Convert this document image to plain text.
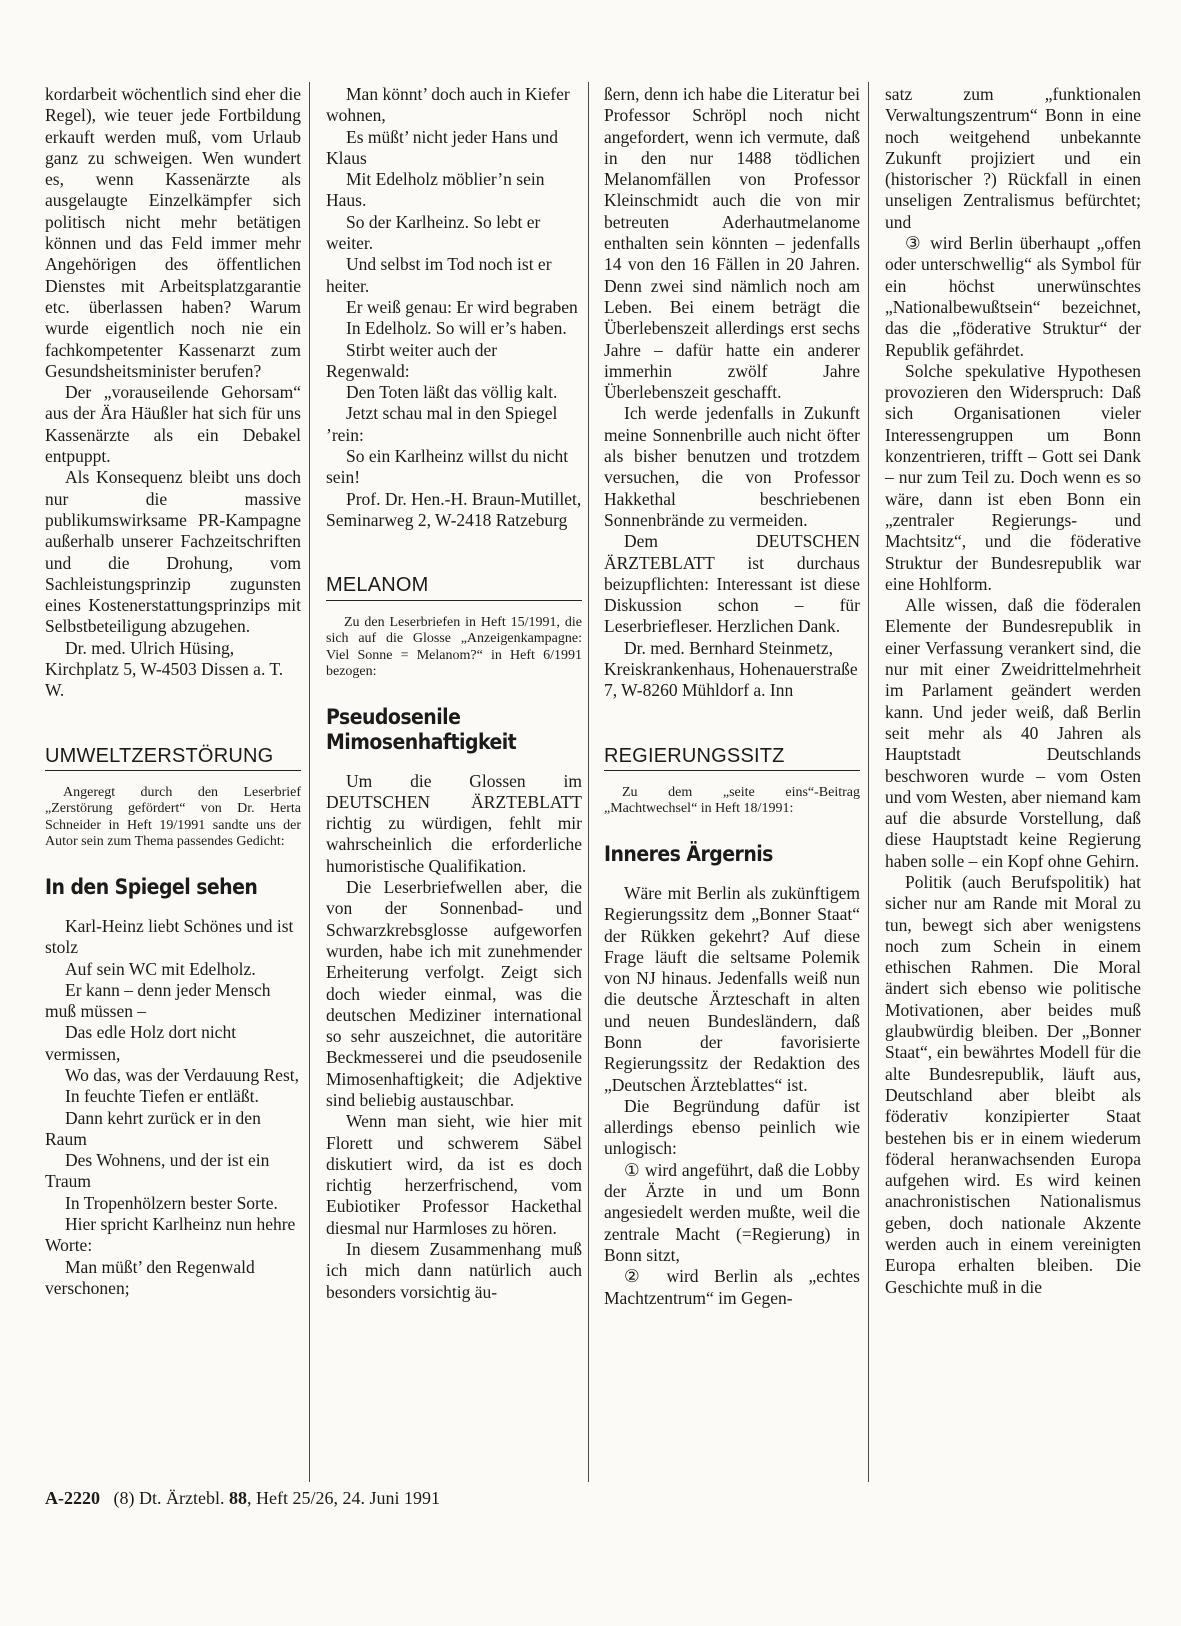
kordarbeit wöchentlich sind eher die Regel), wie teuer jede Fortbildung erkauft werden muß, vom Urlaub ganz zu schweigen. Wen wundert es, wenn Kassenärzte als ausgelaugte Einzelkämpfer sich politisch nicht mehr betätigen können und das Feld immer mehr Angehörigen des öffentlichen Dienstes mit Arbeitsplatzgarantie etc. überlassen haben? Warum wurde eigentlich noch nie ein fachkompetenter Kassenarzt zum Gesundsheitsminister berufen?

Der „vorauseilende Gehorsam“ aus der Ära Häußler hat sich für uns Kassenärzte als ein Debakel entpuppt.

Als Konsequenz bleibt uns doch nur die massive publikumswirksame PR-Kampagne außerhalb unserer Fachzeitschriften und die Drohung, vom Sachleistungsprinzip zugunsten eines Kostenerstattungsprinzips mit Selbstbeteiligung abzugehen.

Dr. med. Ulrich Hüsing, Kirchplatz 5, W-4503 Dissen a. T. W.

UMWELTZERSTÖRUNG
Angeregt durch den Leserbrief „Zerstörung gefördert“ von Dr. Herta Schneider in Heft 19/1991 sandte uns der Autor sein zum Thema passendes Gedicht:
In den Spiegel sehen

Karl-Heinz liebt Schönes und ist stolz

Auf sein WC mit Edelholz.

Er kann – denn jeder Mensch muß müssen –

Das edle Holz dort nicht vermissen,

Wo das, was der Verdauung Rest,

In feuchte Tiefen er entläßt.

Dann kehrt zurück er in den Raum

Des Wohnens, und der ist ein Traum

In Tropenhölzern bester Sorte.

Hier spricht Karlheinz nun hehre Worte:

Man müßt’ den Regenwald verschonen;

Man könnt’ doch auch in Kiefer wohnen,

Es müßt’ nicht jeder Hans und Klaus

Mit Edelholz möblier’n sein Haus.

So der Karlheinz. So lebt er weiter.

Und selbst im Tod noch ist er heiter.

Er weiß genau: Er wird begraben

In Edelholz. So will er’s haben.

Stirbt weiter auch der Regenwald:

Den Toten läßt das völlig kalt.

Jetzt schau mal in den Spiegel ’rein:

So ein Karlheinz willst du nicht sein!

Prof. Dr. Hen.-H. Braun-Mutillet, Seminarweg 2, W-2418 Ratzeburg

MELANOM
Zu den Leserbriefen in Heft 15/1991, die sich auf die Glosse „Anzeigenkampagne: Viel Sonne = Melanom?“ in Heft 6/1991 bezogen:
Pseudosenile
Mimosenhaftigkeit

Um die Glossen im DEUTSCHEN ÄRZTEBLATT richtig zu würdigen, fehlt mir wahrscheinlich die erforderliche humoristische Qualifikation.

Die Leserbriefwellen aber, die von der Sonnenbad- und Schwarzkrebsglosse aufgeworfen wurden, habe ich mit zunehmender Erheiterung verfolgt. Zeigt sich doch wieder einmal, was die deutschen Mediziner international so sehr auszeichnet, die autoritäre Beckmesserei und die pseudosenile Mimosenhaftigkeit; die Adjektive sind beliebig austauschbar.

Wenn man sieht, wie hier mit Florett und schwerem Säbel diskutiert wird, da ist es doch richtig herzerfrischend, vom Eubiotiker Professor Hackethal diesmal nur Harmloses zu hören.

In diesem Zusammenhang muß ich mich dann natürlich auch besonders vorsichtig äu-

ßern, denn ich habe die Literatur bei Professor Schröpl noch nicht angefordert, wenn ich vermute, daß in den nur 1488 tödlichen Melanomfällen von Professor Kleinschmidt auch die von mir betreuten Aderhautmelanome enthalten sein könnten – jedenfalls 14 von den 16 Fällen in 20 Jahren. Denn zwei sind nämlich noch am Leben. Bei einem beträgt die Überlebenszeit allerdings erst sechs Jahre – dafür hatte ein anderer immerhin zwölf Jahre Überlebenszeit geschafft.

Ich werde jedenfalls in Zukunft meine Sonnenbrille auch nicht öfter als bisher benutzen und trotzdem versuchen, die von Professor Hakkethal beschriebenen Sonnenbrände zu vermeiden.

Dem DEUTSCHEN ÄRZTEBLATT ist durchaus beizupflichten: Interessant ist diese Diskussion schon – für Leserbriefleser. Herzlichen Dank.

Dr. med. Bernhard Steinmetz, Kreiskrankenhaus, Hohenauerstraße 7, W-8260 Mühldorf a. Inn

REGIERUNGSSITZ
Zu dem „seite eins“-Beitrag „Machtwechsel“ in Heft 18/1991:
Inneres Ärgernis

Wäre mit Berlin als zukünftigem Regierungssitz dem „Bonner Staat“ der Rükken gekehrt? Auf diese Frage läuft die seltsame Polemik von NJ hinaus. Jedenfalls weiß nun die deutsche Ärzteschaft in alten und neuen Bundesländern, daß Bonn der favorisierte Regierungssitz der Redaktion des „Deutschen Ärzteblattes“ ist.

Die Begründung dafür ist allerdings ebenso peinlich wie unlogisch:

① wird angeführt, daß die Lobby der Ärzte in und um Bonn angesiedelt werden mußte, weil die zentrale Macht (=Regierung) in Bonn sitzt,

② wird Berlin als „echtes Machtzentrum“ im Gegen-

satz zum „funktionalen Verwaltungszentrum“ Bonn in eine noch weitgehend unbekannte Zukunft projiziert und ein (historischer ?) Rückfall in einen unseligen Zentralismus befürchtet; und

③ wird Berlin überhaupt „offen oder unterschwellig“ als Symbol für ein höchst unerwünschtes „Nationalbewußtsein“ bezeichnet, das die „föderative Struktur“ der Republik gefährdet.

Solche spekulative Hypothesen provozieren den Widerspruch: Daß sich Organisationen vieler Interessengruppen um Bonn konzentrieren, trifft – Gott sei Dank – nur zum Teil zu. Doch wenn es so wäre, dann ist eben Bonn ein „zentraler Regierungs- und Machtsitz“, und die föderative Struktur der Bundesrepublik war eine Hohlform.

Alle wissen, daß die föderalen Elemente der Bundesrepublik in einer Verfassung verankert sind, die nur mit einer Zweidrittelmehrheit im Parlament geändert werden kann. Und jeder weiß, daß Berlin seit mehr als 40 Jahren als Hauptstadt Deutschlands beschworen wurde – vom Osten und vom Westen, aber niemand kam auf die absurde Vorstellung, daß diese Hauptstadt keine Regierung haben solle – ein Kopf ohne Gehirn.

Politik (auch Berufspolitik) hat sicher nur am Rande mit Moral zu tun, bewegt sich aber wenigstens noch zum Schein in einem ethischen Rahmen. Die Moral ändert sich ebenso wie politische Motivationen, aber beides muß glaubwürdig bleiben. Der „Bonner Staat“, ein bewährtes Modell für die alte Bundesrepublik, läuft aus, Deutschland aber bleibt als föderativ konzipierter Staat bestehen bis er in einem wiederum föderal heranwachsenden Europa aufgehen wird. Es wird keinen anachronistischen Nationalismus geben, doch nationale Akzente werden auch in einem vereinigten Europa erhalten bleiben. Die Geschichte muß in die

A-2220 (8) Dt. Ärztebl. 88, Heft 25/26, 24. Juni 1991
